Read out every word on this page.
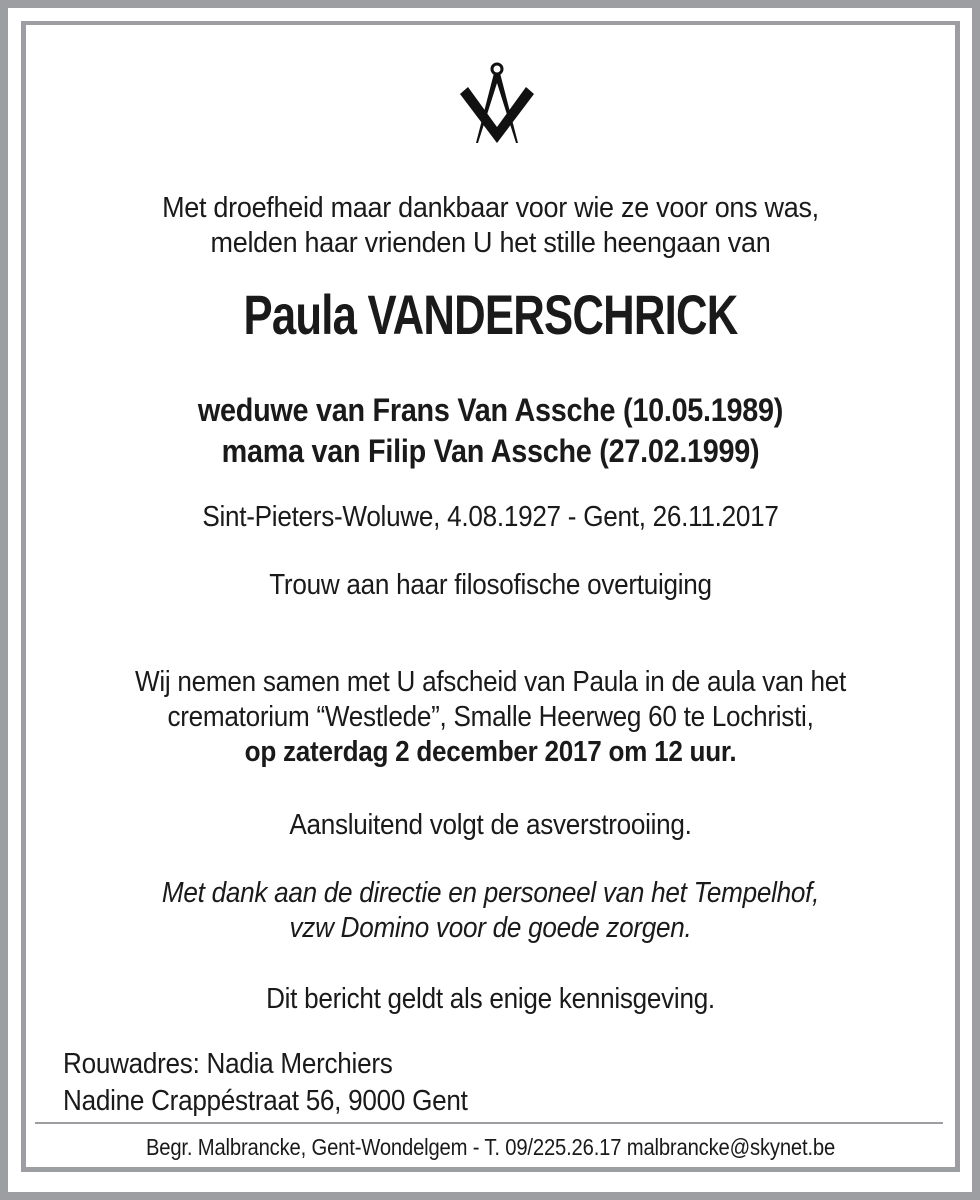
Met droefheid maar dankbaar voor wie ze voor ons was,
melden haar vrienden U het stille heengaan van
Paula VANDERSCHRICK
weduwe van Frans Van Assche (10.05.1989)
mama van Filip Van Assche (27.02.1999)
Sint-Pieters-Woluwe, 4.08.1927 - Gent, 26.11.2017
Trouw aan haar filosofische overtuiging
Wij nemen samen met U afscheid van Paula in de aula van het
crematorium “Westlede”, Smalle Heerweg 60 te Lochristi,
op zaterdag 2 december 2017 om 12 uur.
Aansluitend volgt de asverstrooiing.
Met dank aan de directie en personeel van het Tempelhof,
vzw Domino voor de goede zorgen.
Dit bericht geldt als enige kennisgeving.
Rouwadres: Nadia Merchiers
Nadine Crappéstraat 56, 9000 Gent
Begr. Malbrancke, Gent-Wondelgem - T. 09/225.26.17 malbrancke@skynet.be
